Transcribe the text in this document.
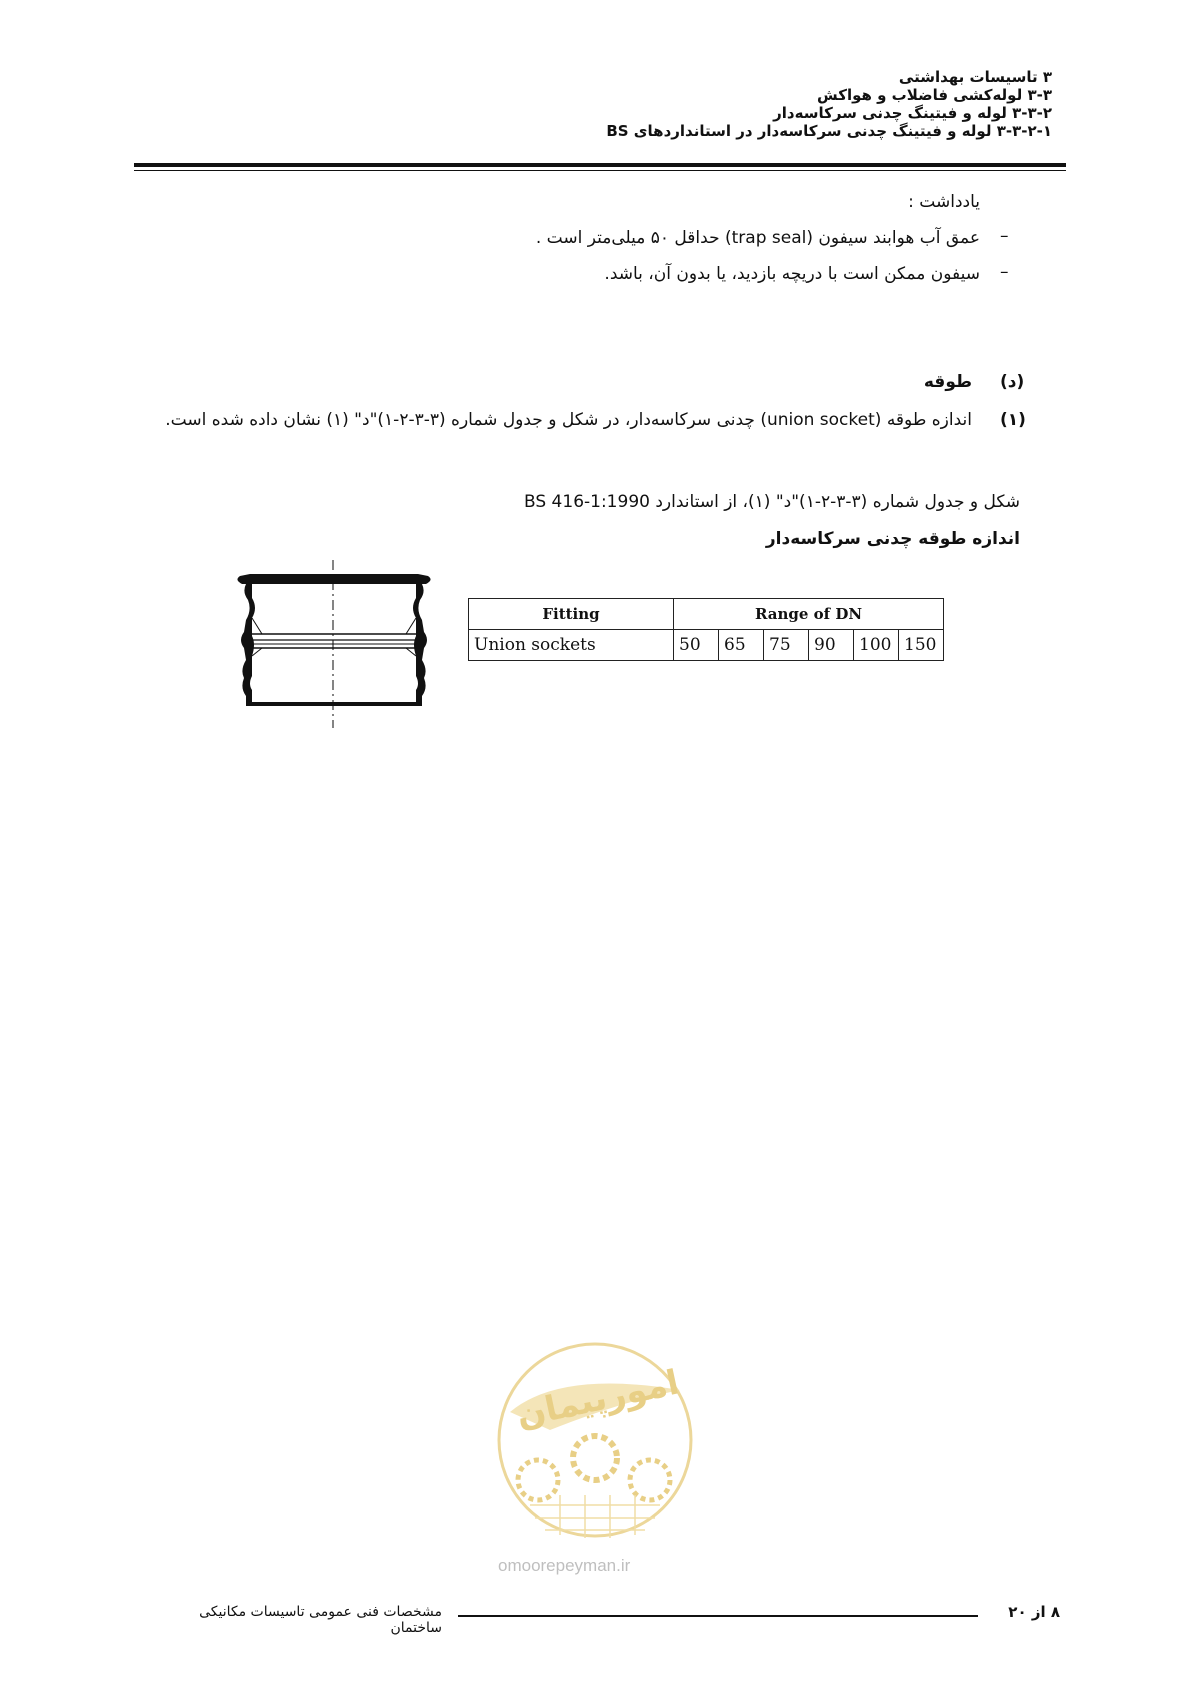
۳ تاسیسات بهداشتی
۳-۳ لوله‌کشی فاضلاب و هواکش
۳-۳-۲ لوله و فیتینگ چدنی سرکاسه‌دار
۳-۳-۲-۱ لوله و فیتینگ چدنی سرکاسه‌دار در استانداردهای BS
یادداشت :
عمق آب هوابند سیفون (trap seal) حداقل ۵۰ میلی‌متر است . –
سیفون ممکن است با دریچه بازدید، یا بدون آن، باشد. –
(د)
طوقه
(۱)
اندازه طوقه (union socket) چدنی سرکاسه‌دار، در شکل و جدول شماره (۳-۳-۲-۱)"د" (۱) نشان داده شده است.
شکل و جدول شماره (۳-۳-۲-۱)"د" (۱)، از استاندارد BS 416-1:1990
اندازه طوقه چدنی سرکاسه‌دار
Fitting	Range of DN					
Union sockets	50	65	75	90	100	150
امورپیمان
omoorepeyman.ir
۸ از ۲۰
مشخصات فنی عمومی تاسیسات مکانیکی ساختمان
